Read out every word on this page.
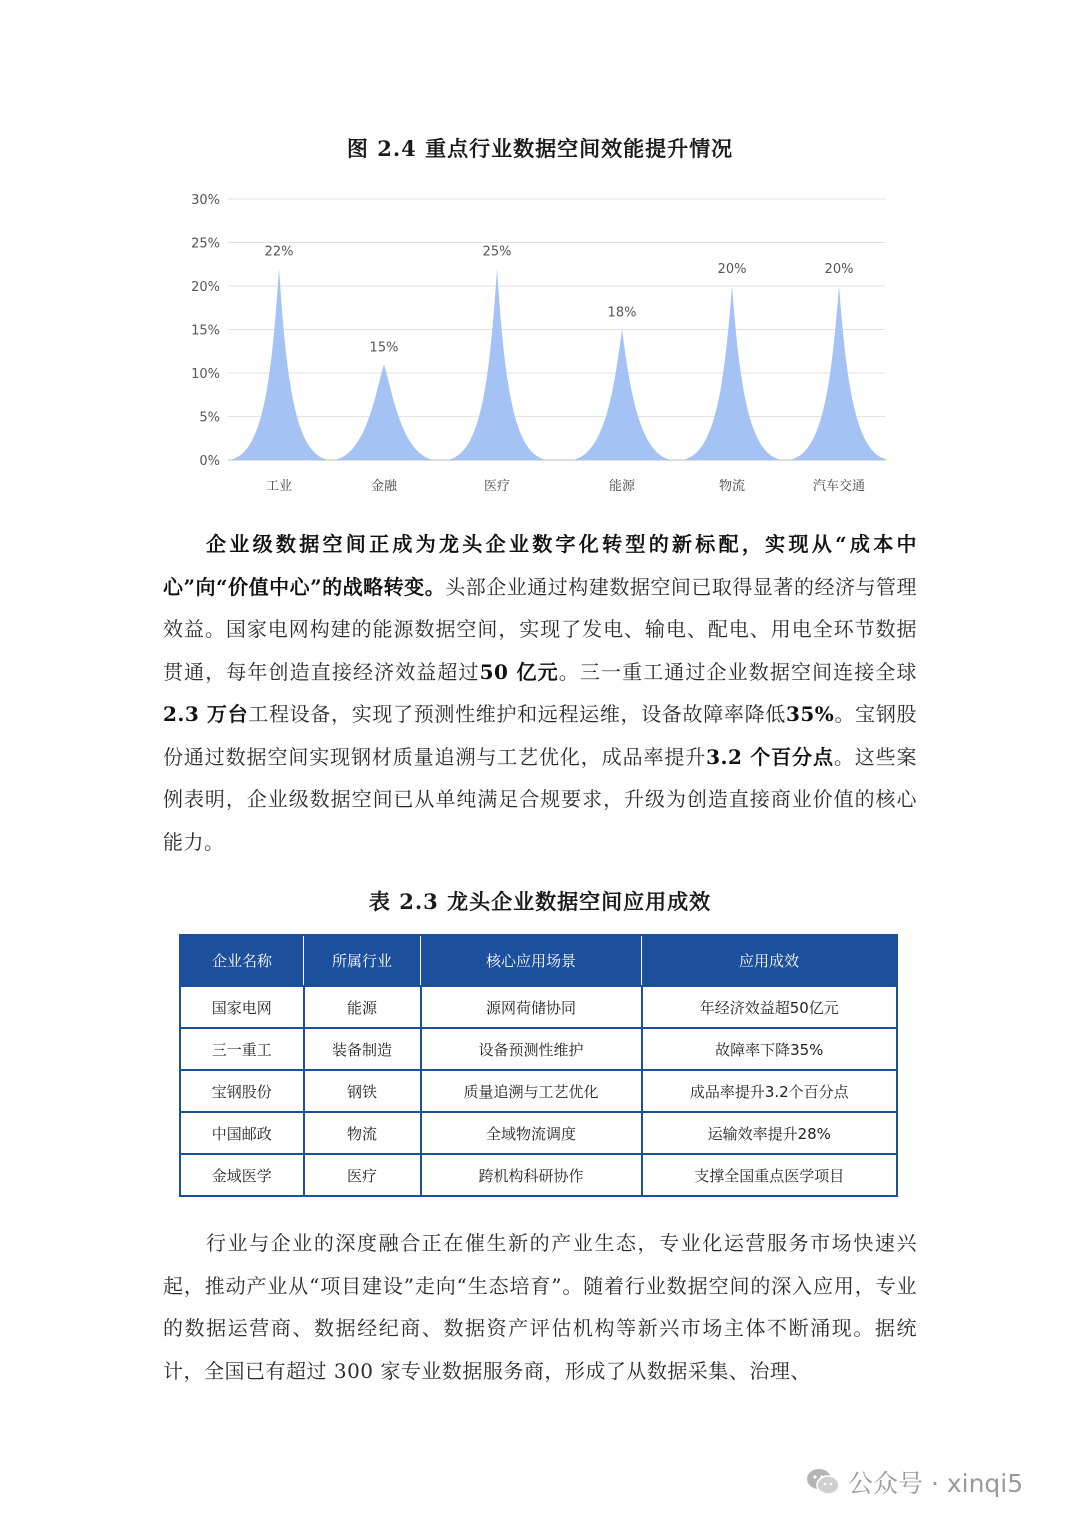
图 2.4 重点行业数据空间效能提升情况
0%
5%
10%
15%
20%
25%
30%
22%
15%
25%
18%
20%	20%
工业	金融	医疗	能源	物流	汽车交通
企业级数据空间正成为龙头企业数字化转型的新标配，实现从“成本中心”向“价值中心”的战略转变。头部企业通过构建数据空间已取得显著的经济与管理效益。国家电网构建的能源数据空间，实现了发电、输电、配电、用电全环节数据贯通，每年创造直接经济效益超过50 亿元。三一重工通过企业数据空间连接全球2.3 万台工程设备，实现了预测性维护和远程运维，设备故障率降低35%。宝钢股份通过数据空间实现钢材质量追溯与工艺优化，成品率提升3.2 个百分点。这些案例表明，企业级数据空间已从单纯满足合规要求，升级为创造直接商业价值的核心能力。
表 2.3 龙头企业数据空间应用成效
企业名称	所属行业	核心应用场景	应用成效
国家电网	能源	源网荷储协同	年经济效益超50亿元
三一重工	装备制造	设备预测性维护	故障率下降35%
宝钢股份	钢铁	质量追溯与工艺优化	成品率提升3.2个百分点
中国邮政	物流	全域物流调度	运输效率提升28%
金域医学	医疗	跨机构科研协作	支撑全国重点医学项目
行业与企业的深度融合正在催生新的产业生态，专业化运营服务市场快速兴起，推动产业从“项目建设”走向“生态培育”。随着行业数据空间的深入应用，专业的数据运营商、数据经纪商、数据资产评估机构等新兴市场主体不断涌现。据统计，全国已有超过 300 家专业数据服务商，形成了从数据采集、治理、
公众号 · xinqi5
